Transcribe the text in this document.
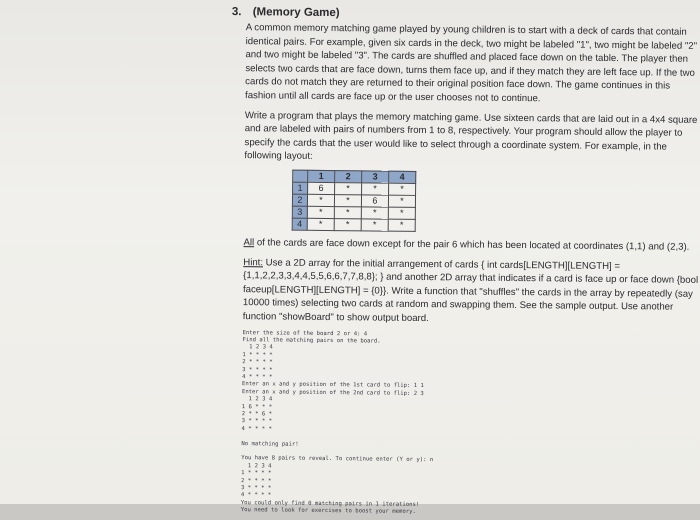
3. (Memory Game)

A common memory matching game played by young children is to start with a deck of cards that contain identical pairs. For example, given six cards in the deck, two might be labeled "1", two might be labeled "2" and two might be labeled "3". The cards are shuffled and placed face down on the table. The player then selects two cards that are face down, turns them face up, and if they match they are left face up. If the two cards do not match they are returned to their original position face down. The game continues in this fashion until all cards are face up or the user chooses not to continue.

Write a program that plays the memory matching game. Use sixteen cards that are laid out in a 4x4 square and are labeled with pairs of numbers from 1 to 8, respectively. Your program should allow the player to specify the cards that the user would like to select through a coordinate system. For example, in the following layout:

	1	2	3	4
1	6	*	*	*
2	*	*	6	*
3	*	*	*	*
4	*	*	*	*

All of the cards are face down except for the pair 6 which has been located at coordinates (1,1) and (2,3).

Hint: Use a 2D array for the initial arrangement of cards { int cards[LENGTH][LENGTH] = {1,1,2,2,3,3,4,4,5,5,6,6,7,7,8,8}; } and another 2D array that indicates if a card is face up or face down {bool faceup[LENGTH][LENGTH] = {0}}. Write a function that "shuffles" the cards in the array by repeatedly (say 10000 times) selecting two cards at random and swapping them. See the sample output. Use another function "showBoard" to show output board.

Enter the size of the board 2 or 4: 4
Find all the matching pairs on the board.
1 2 3 4
1 * * * *
2 * * * *
3 * * * *
4 * * * *
Enter an x and y position of the 1st card to flip: 1 1
Enter an x and y position of the 2nd card to flip: 2 3
1 2 3 4
1 6 * * *
2 * * 6 *
3 * * * *
4 * * * *

No matching pair!

You have 8 pairs to reveal. To continue enter (Y or y): n
1 2 3 4
1 * * * *
2 * * * *
3 * * * *
4 * * * *
You could only find 0 matching pairs in 1 iterations!
You need to look for exercises to boost your memory.
